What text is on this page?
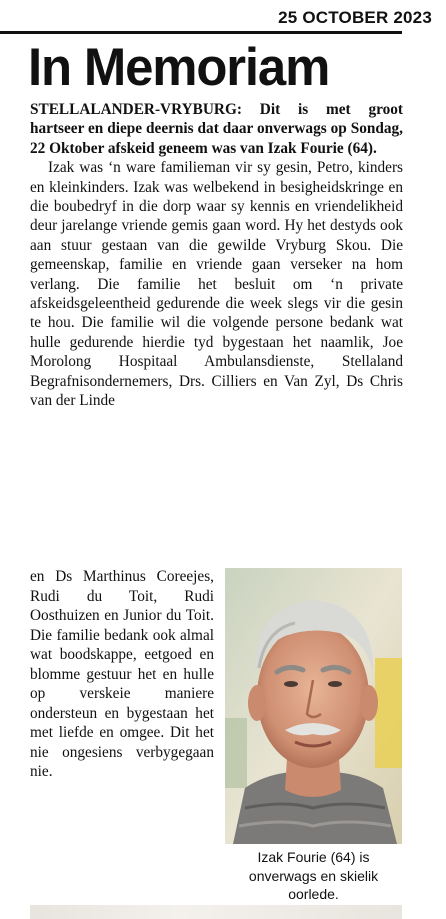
25 OCTOBER 2023
In Memoriam

STELLALANDER-VRYBURG: Dit is met groot hartseer en diepe deernis dat daar onverwags op Sondag, 22 Oktober afskeid geneem was van Izak Fourie (64).

Izak was ‘n ware familieman vir sy gesin, Petro, kinders en kleinkinders. Izak was welbekend in besigheidskringe en die boubedryf in die dorp waar sy kennis en vriendelikheid deur jarelange vriende gemis gaan word. Hy het destyds ook aan stuur gestaan van die gewilde Vryburg Skou. Die gemeenskap, familie en vriende gaan verseker na hom verlang. Die familie het besluit om ‘n private afskeidsgeleentheid gedurende die week slegs vir die gesin te hou. Die familie wil die volgende persone bedank wat hulle gedurende hierdie tyd bygestaan het naamlik, Joe Morolong Hospitaal Ambulansdienste, Stellaland Begrafnisondernemers, Drs. Cilliers en Van Zyl, Ds Chris van der Linde

en Ds Marthinus Coreejes, Rudi du Toit, Rudi Oosthuizen en Junior du Toit. Die familie bedank ook almal wat boodskappe, eetgoed en blomme gestuur het en hulle op verskeie maniere ondersteun en bygestaan het met liefde en omgee. Dit het nie ongesiens verbygegaan nie.

Izak Fourie (64) is onverwags en skielik oorlede.
